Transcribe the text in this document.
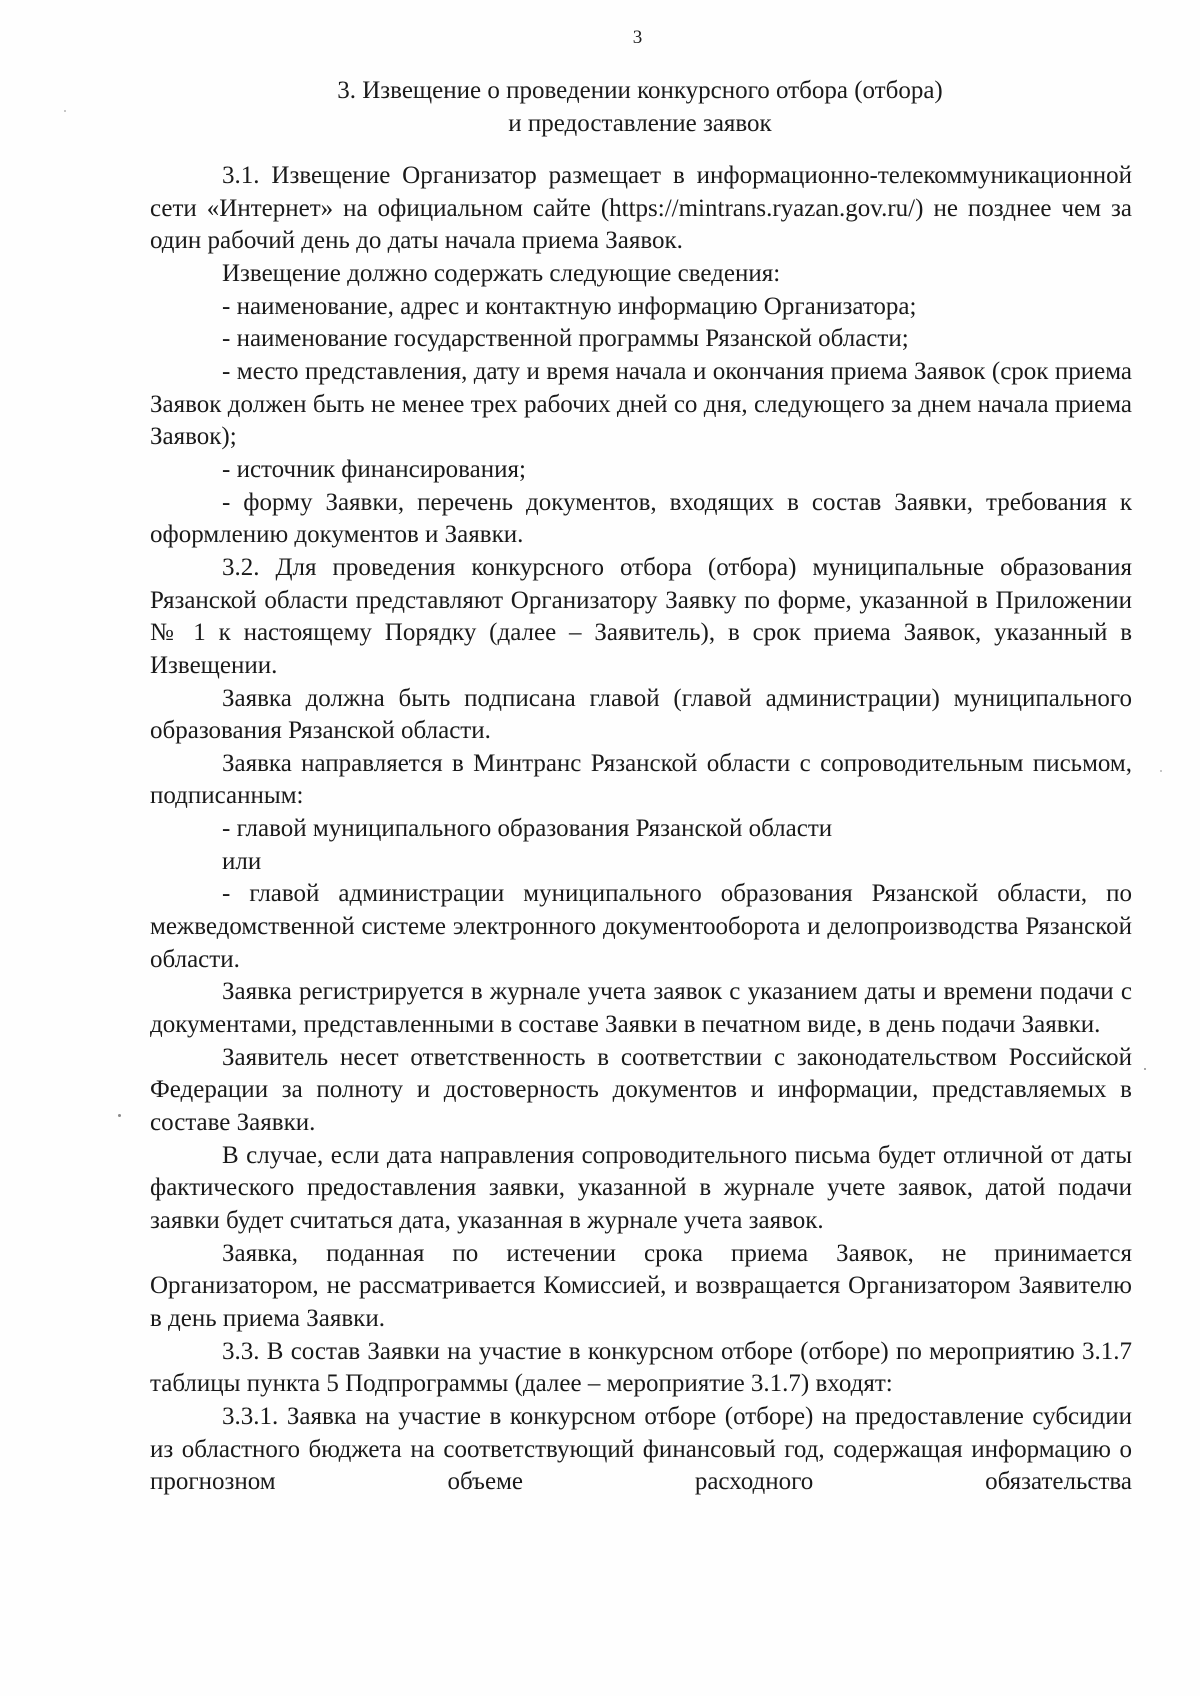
3
3. Извещение о проведении конкурсного отбора (отбора)
и предоставление заявок

3.1. Извещение Организатор размещает в информационно-телекоммуникационной сети «Интернет» на официальном сайте (https://mintrans.ryazan.gov.ru/) не позднее чем за один рабочий день до даты начала приема Заявок.

Извещение должно содержать следующие сведения:

- наименование, адрес и контактную информацию Организатора;

- наименование государственной программы Рязанской области;

- место представления, дату и время начала и окончания приема Заявок (срок приема Заявок должен быть не менее трех рабочих дней со дня, следующего за днем начала приема Заявок);

- источник финансирования;

- форму Заявки, перечень документов, входящих в состав Заявки, требования к оформлению документов и Заявки.

3.2. Для проведения конкурсного отбора (отбора) муниципальные образования Рязанской области представляют Организатору Заявку по форме, указанной в Приложении № 1 к настоящему Порядку (далее – Заявитель), в срок приема Заявок, указанный в Извещении.

Заявка должна быть подписана главой (главой администрации) муниципального образования Рязанской области.

Заявка направляется в Минтранс Рязанской области с сопроводительным письмом, подписанным:

- главой муниципального образования Рязанской области

или

- главой администрации муниципального образования Рязанской области, по межведомственной системе электронного документооборота и делопроизводства Рязанской области.

Заявка регистрируется в журнале учета заявок с указанием даты и времени подачи с документами, представленными в составе Заявки в печатном виде, в день подачи Заявки.

Заявитель несет ответственность в соответствии с законодательством Российской Федерации за полноту и достоверность документов и информации, представляемых в составе Заявки.

В случае, если дата направления сопроводительного письма будет отличной от даты фактического предоставления заявки, указанной в журнале учете заявок, датой подачи заявки будет считаться дата, указанная в журнале учета заявок.

Заявка, поданная по истечении срока приема Заявок, не принимается Организатором, не рассматривается Комиссией, и возвращается Организатором Заявителю в день приема Заявки.

3.3. В состав Заявки на участие в конкурсном отборе (отборе) по мероприятию 3.1.7 таблицы пункта 5 Подпрограммы (далее – мероприятие 3.1.7) входят:

3.3.1. Заявка на участие в конкурсном отборе (отборе) на предоставление субсидии из областного бюджета на соответствующий финансовый год, содержащая информацию о прогнозном объеме расходного обязательства
